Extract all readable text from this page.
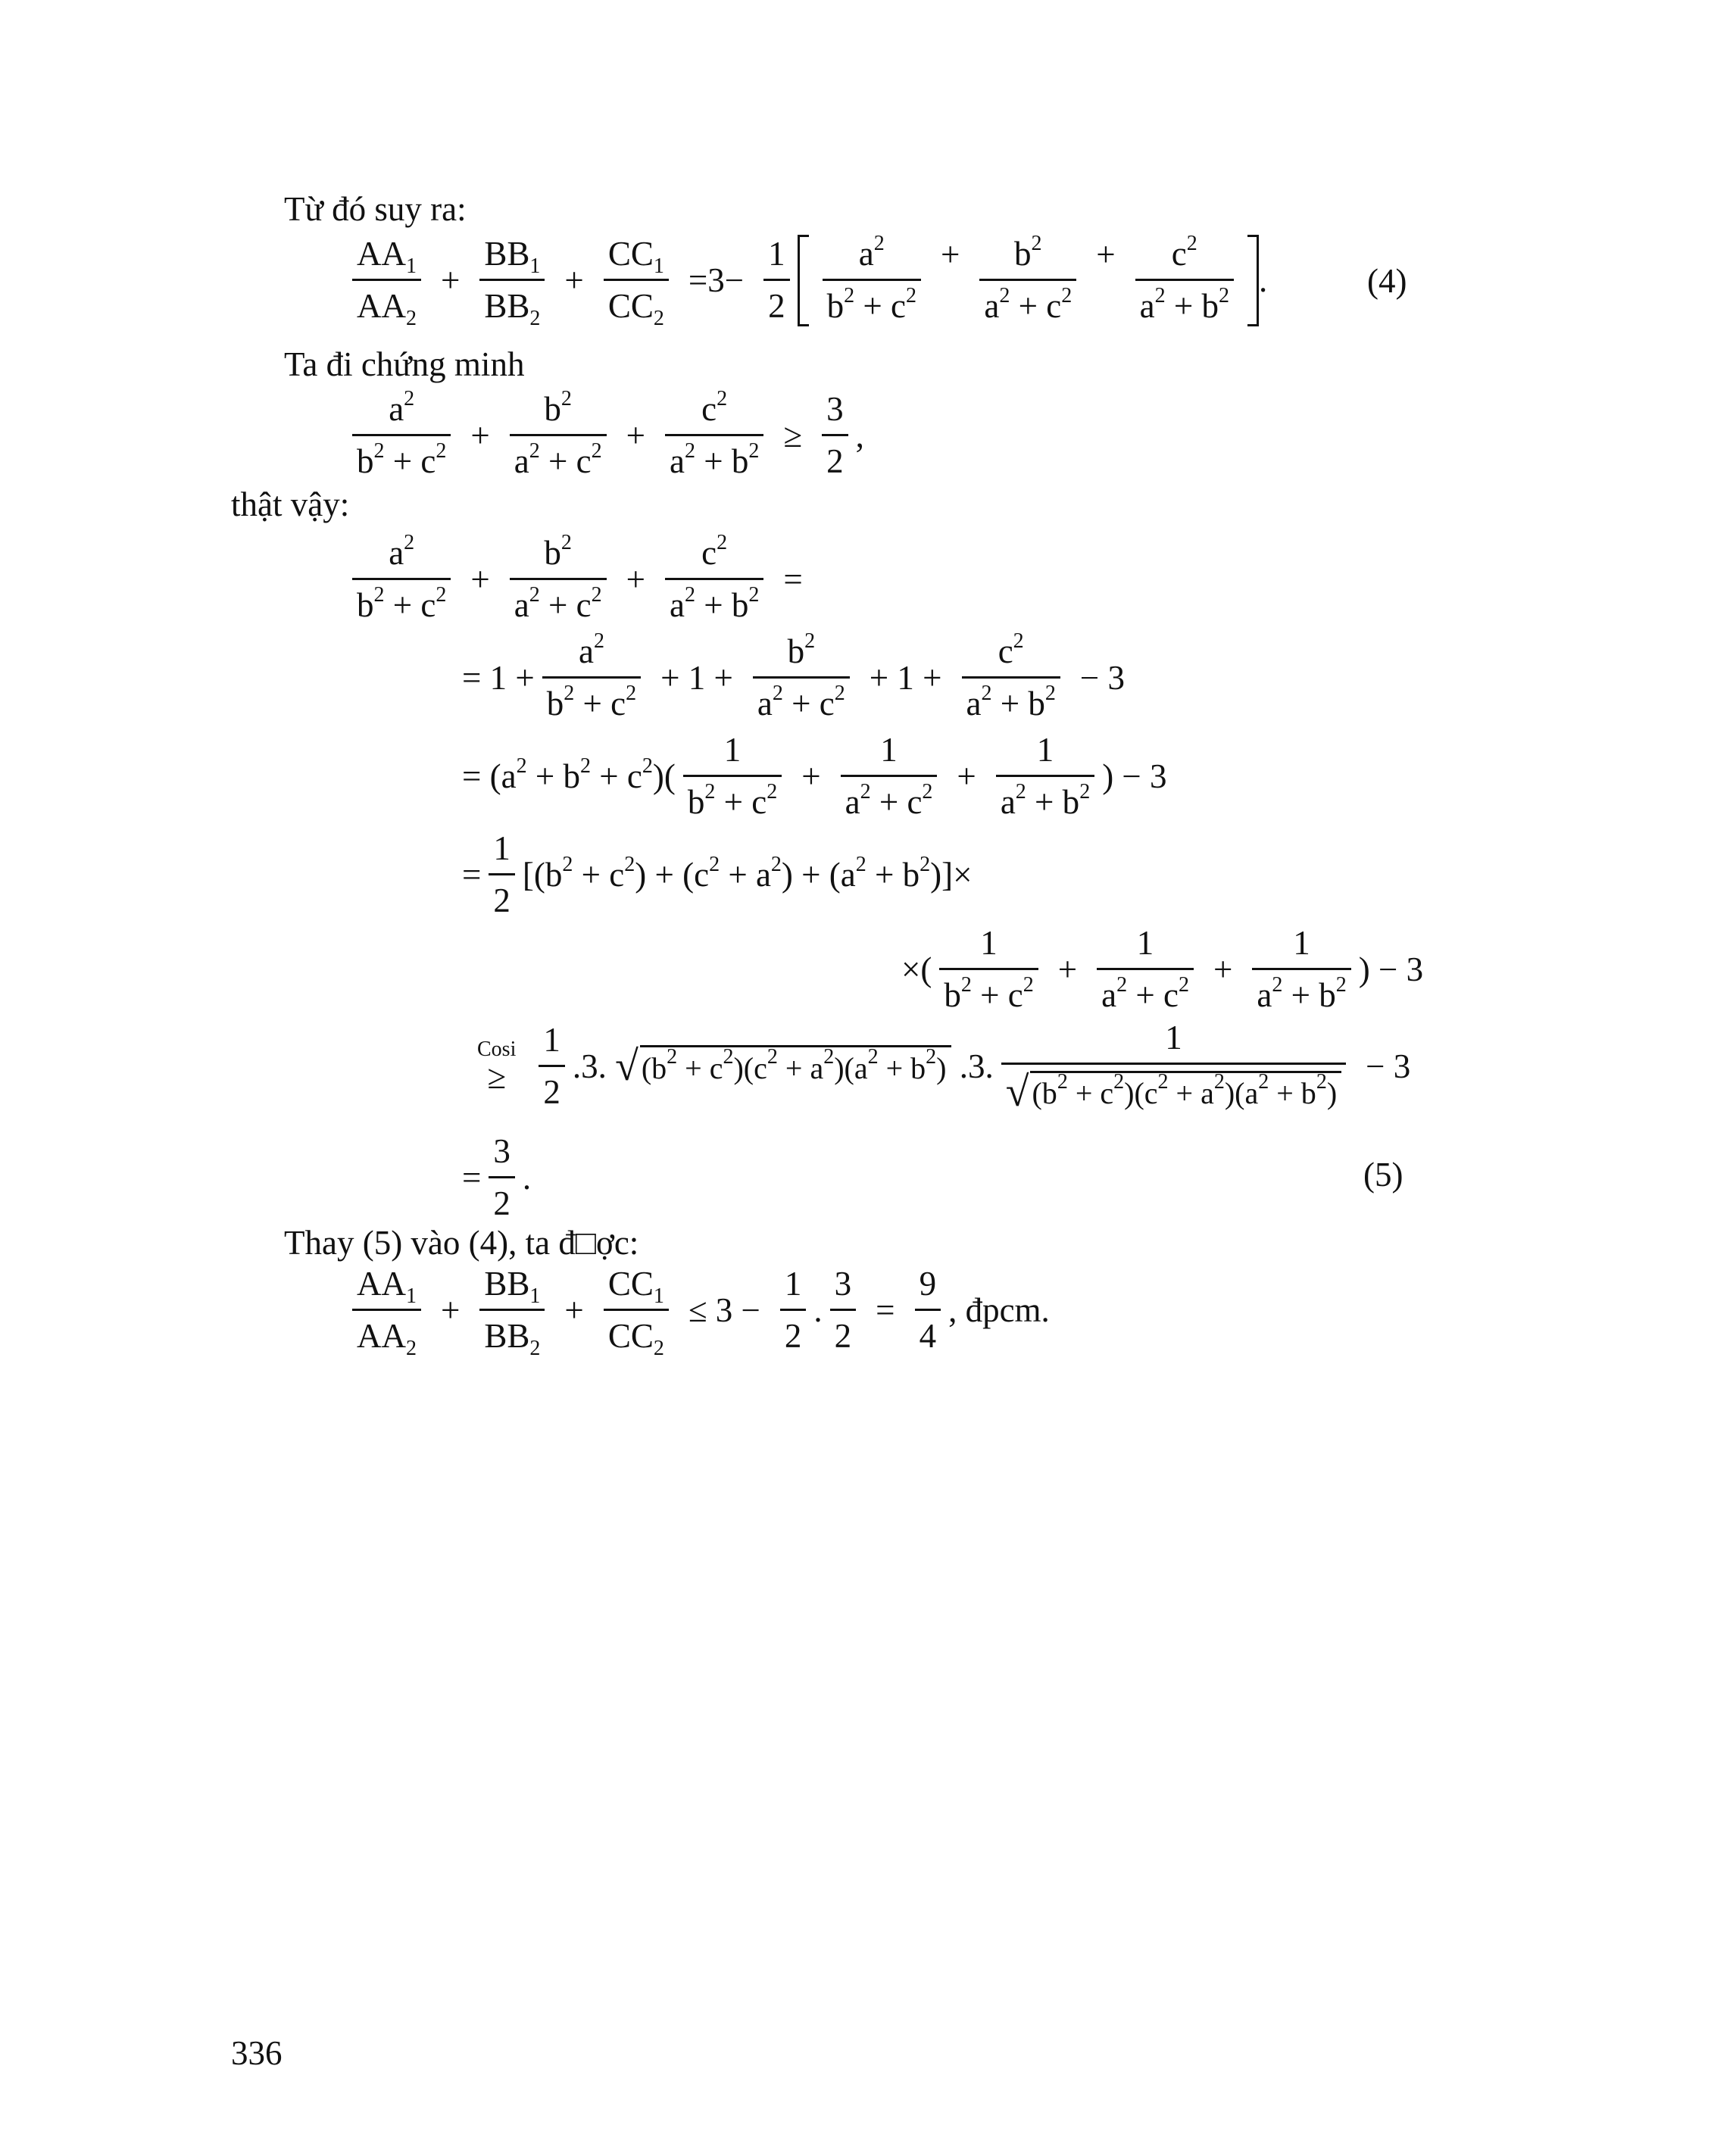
Từ đó suy ra:
$\frac{AA_1}{AA_2} + \frac{BB_1}{BB_2} + \frac{CC_1}{CC_2} =3- \frac{1}{2} \frac{a^2}{b^2 + c^2} + \frac{b^2}{a^2 + c^2} + \frac{c^2}{a^2 + b^2}$ .	(4)
Ta đi chứng minh
$\frac{a^2}{b^2 + c^2} + \frac{b^2}{a^2 + c^2} + \frac{c^2}{a^2 + b^2} \ge \frac{3}{2}$ ,
thật vậy:
$\frac{a^2}{b^2 + c^2} + \frac{b^2}{a^2 + c^2} + \frac{c^2}{a^2 + b^2}$ =
= $1 + \frac{a^2}{b^2 + c^2} + 1 + \frac{b^2}{a^2 + c^2} + 1 + \frac{c^2}{a^2 + b^2} - 3$
= $(a^2 + b^2 + c^2)( \frac{1}{b^2 + c^2} + \frac{1}{a^2 + c^2} + \frac{1}{a^2 + b^2}$ ) − 3
= $\frac{1}{2} [(b^2 + c^2) + (c^2 + a^2) + (a^2 + b^2)]\times$
×( $\frac{1}{b^2 + c^2} + \frac{1}{a^2 + c^2} + \frac{1}{a^2 + b^2}$ ) − 3
Cosi
≥ $\frac{1}{2} .3$. √ $(b^2 + c^2)(c^2 + a^2)(a^2 + b^2)$ .3. $\frac{1}{√ (b^2 + c^2)(c^2 + a^2)(a^2 + b^2)} - 3$
= $\frac{3}{2}$ .	(5)
Thay (5) vào (4), ta đ□ợc:
$\frac{AA_1}{AA_2} + \frac{BB_1}{BB_2} + \frac{CC_1}{CC_2} \le 3 - \frac{1}{2}$ . $\frac{3}{2} = \frac{9}{4}$ , đpcm.
336
